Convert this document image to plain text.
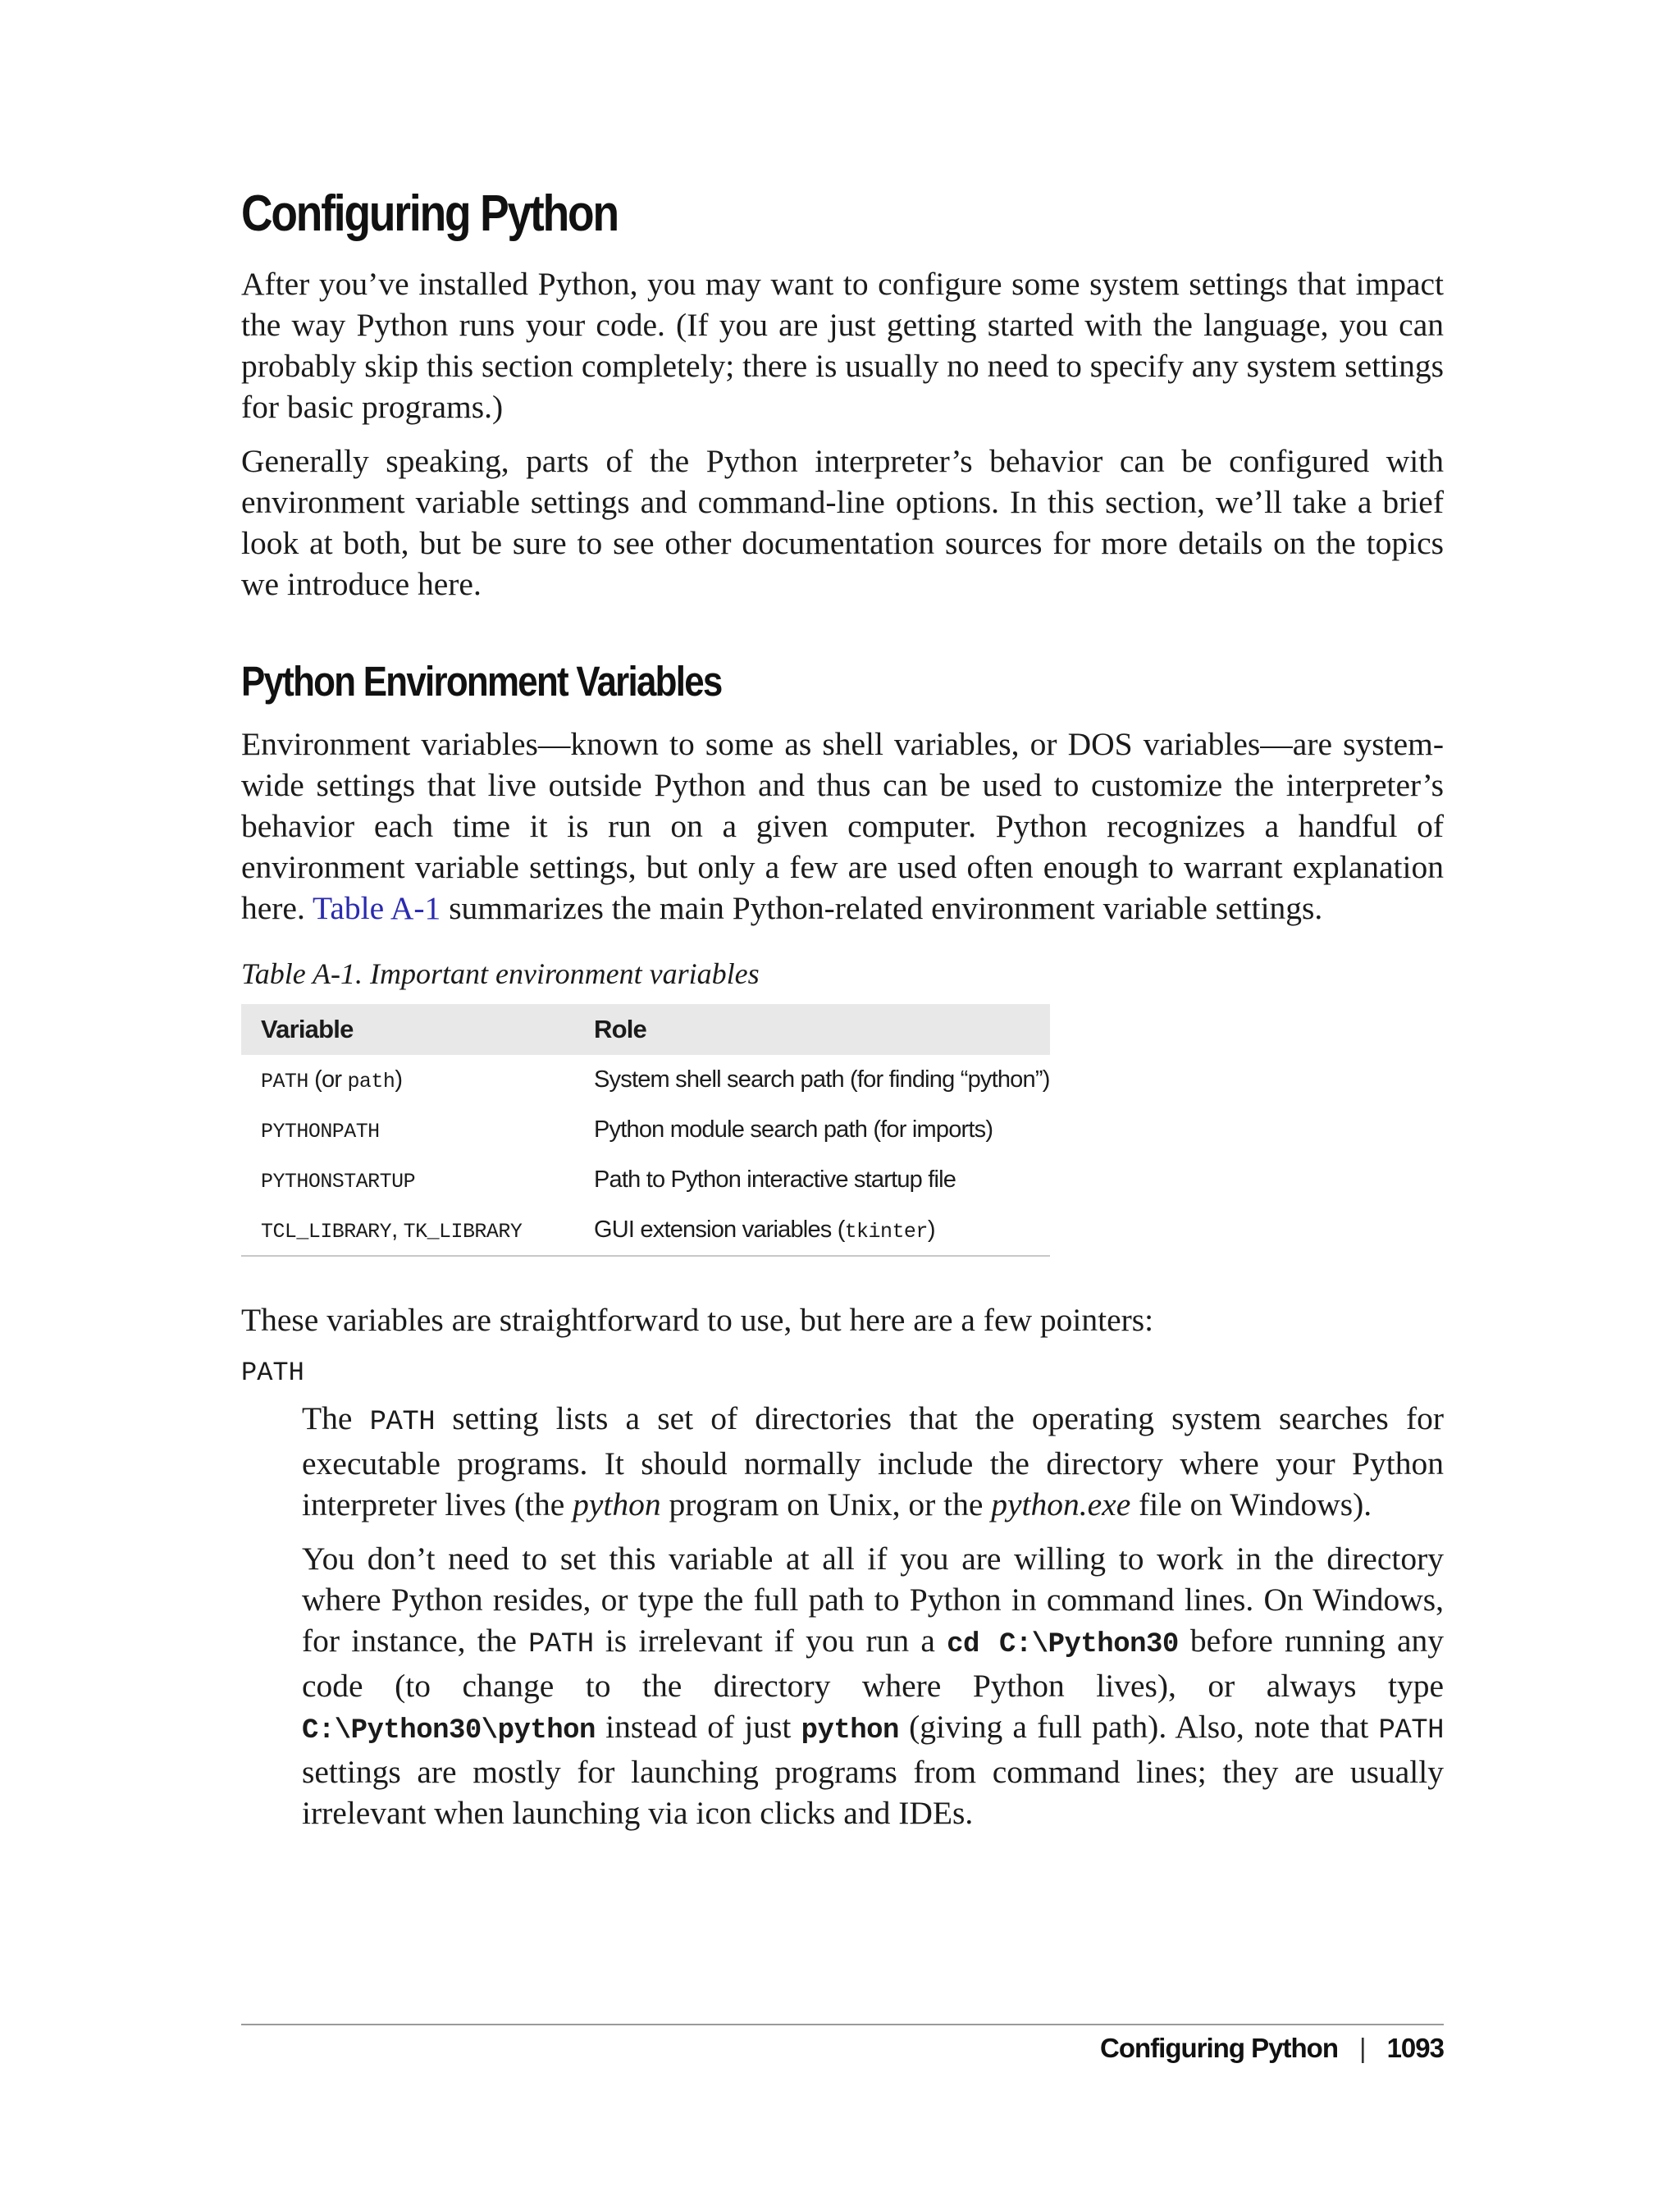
Configuring Python

After you’ve installed Python, you may want to configure some system settings that impact the way Python runs your code. (If you are just getting started with the language, you can probably skip this section completely; there is usually no need to specify any system settings for basic programs.)

Generally speaking, parts of the Python interpreter’s behavior can be configured with environment variable settings and command-line options. In this section, we’ll take a brief look at both, but be sure to see other documentation sources for more details on the topics we introduce here.

Python Environment Variables

Environment variables—known to some as shell variables, or DOS variables—are system-wide settings that live outside Python and thus can be used to customize the interpreter’s behavior each time it is run on a given computer. Python recognizes a handful of environment variable settings, but only a few are used often enough to warrant explanation here. Table A-1 summarizes the main Python-related environment variable settings.

Table A-1. Important environment variables
Variable	Role
PATH (or path)	System shell search path (for finding “python”)
PYTHONPATH	Python module search path (for imports)
PYTHONSTARTUP	Path to Python interactive startup file
TCL_LIBRARY, TK_LIBRARY	GUI extension variables (tkinter)

These variables are straightforward to use, but here are a few pointers:

PATH

The PATH setting lists a set of directories that the operating system searches for executable programs. It should normally include the directory where your Python interpreter lives (the python program on Unix, or the python.exe file on Windows).

You don’t need to set this variable at all if you are willing to work in the directory where Python resides, or type the full path to Python in command lines. On Windows, for instance, the PATH is irrelevant if you run a cd C:\Python30 before running any code (to change to the directory where Python lives), or always type C:\Python30\python instead of just python (giving a full path). Also, note that PATH settings are mostly for launching programs from command lines; they are usually irrelevant when launching via icon clicks and IDEs.

Configuring Python | 1093
